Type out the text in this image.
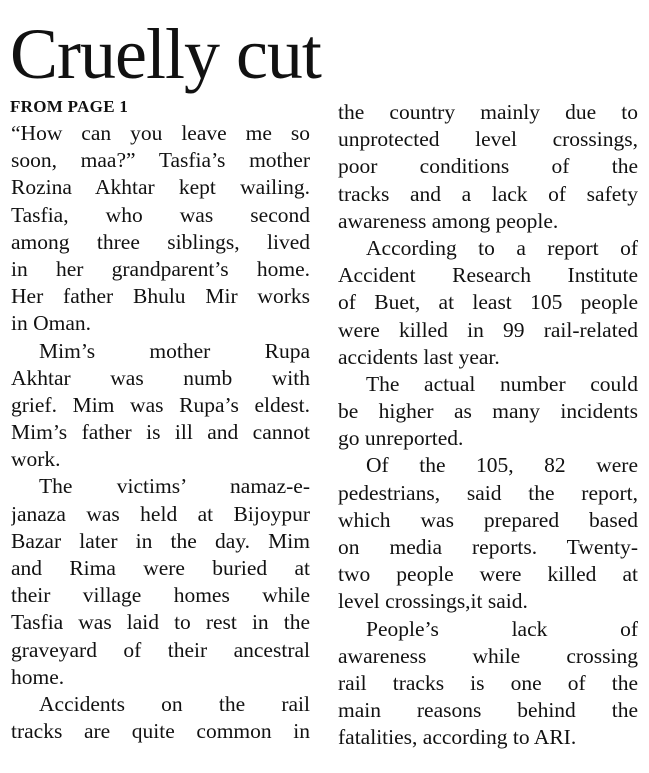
Cruelly cut
FROM PAGE 1
“How can you leave me so
soon, maa?” Tasfia’s mother
Rozina Akhtar kept wailing.
Tasfia, who was second
among three siblings, lived
in her grandparent’s home.
Her father Bhulu Mir works
in Oman.
Mim’s mother Rupa
Akhtar was numb with
grief. Mim was Rupa’s eldest.
Mim’s father is ill and cannot
work.
The victims’ namaz-e-
janaza was held at Bijoypur
Bazar later in the day. Mim
and Rima were buried at
their village homes while
Tasfia was laid to rest in the
graveyard of their ancestral
home.
Accidents on the rail
tracks are quite common in
the country mainly due to
unprotected level crossings,
poor conditions of the
tracks and a lack of safety
awareness among people.
According to a report of
Accident Research Institute
of Buet, at least 105 people
were killed in 99 rail-related
accidents last year.
The actual number could
be higher as many incidents
go unreported.
Of the 105, 82 were
pedestrians, said the report,
which was prepared based
on media reports. Twenty-
two people were killed at
level crossings,it said.
People’s lack of
awareness while crossing
rail tracks is one of the
main reasons behind the
fatalities, according to ARI.
